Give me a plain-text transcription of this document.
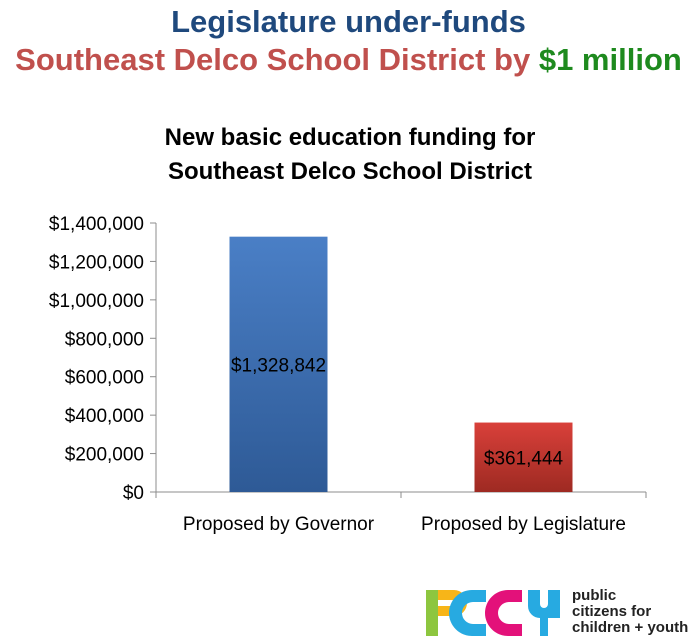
Legislature under-funds
Southeast Delco School District by $1 million
New basic education funding for
Southeast Delco School District
$0
$200,000
$400,000
$600,000
$800,000
$1,000,000
$1,200,000
$1,400,000
Proposed by Governor
$1,328,842
Proposed by Legislature
$361,444
public
citizens for
children + youth
